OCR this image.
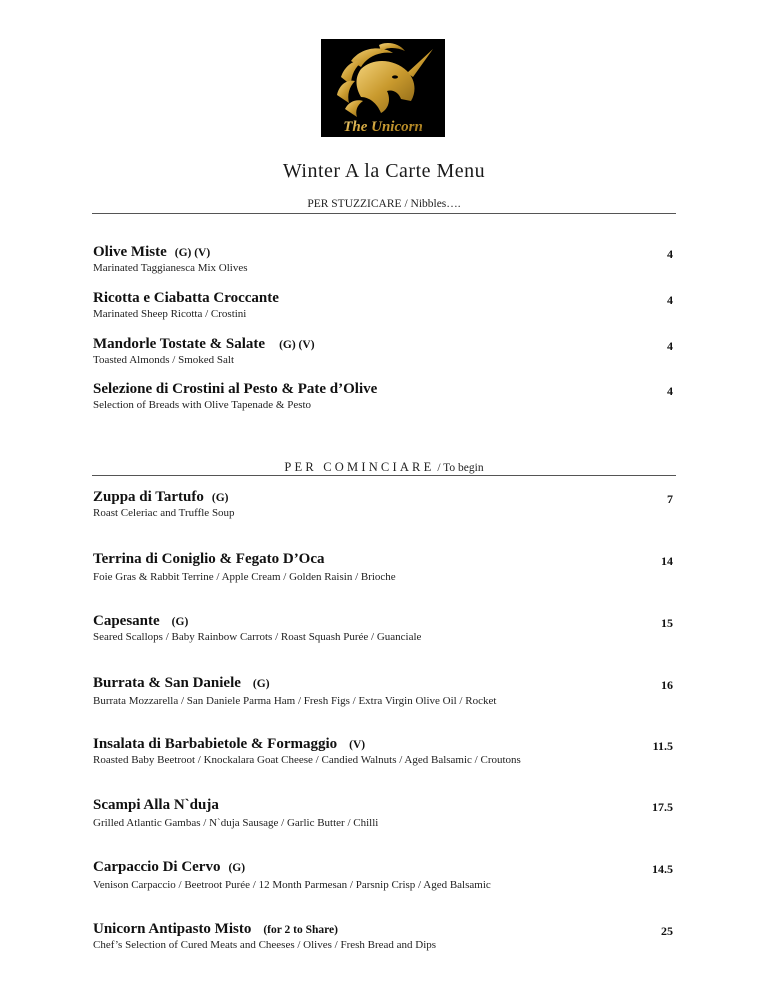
The Unicorn
Winter A la Carte Menu
PER STUZZICARE / Nibbles….
Olive Miste (G) (V)
Marinated Taggianesca Mix Olives
4
Ricotta e Ciabatta Croccante
Marinated Sheep Ricotta / Crostini
4
Mandorle Tostate & Salate (G) (V)
Toasted Almonds / Smoked Salt
4
Selezione di Crostini al Pesto & Pate d’Olive
Selection of Breads with Olive Tapenade & Pesto
4
PER COMINCIARE / To begin
Zuppa di Tartufo (G)
Roast Celeriac and Truffle Soup
7
Terrina di Coniglio & Fegato D’Oca
Foie Gras & Rabbit Terrine / Apple Cream / Golden Raisin / Brioche
14
Capesante (G)
Seared Scallops / Baby Rainbow Carrots / Roast Squash Purée / Guanciale
15
Burrata & San Daniele (G)
Burrata Mozzarella / San Daniele Parma Ham / Fresh Figs / Extra Virgin Olive Oil / Rocket
16
Insalata di Barbabietole & Formaggio (V)
Roasted Baby Beetroot / Knockalara Goat Cheese / Candied Walnuts / Aged Balsamic / Croutons
11.5
Scampi Alla N`duja
Grilled Atlantic Gambas / N`duja Sausage / Garlic Butter / Chilli
17.5
Carpaccio Di Cervo (G)
Venison Carpaccio / Beetroot Purée / 12 Month Parmesan / Parsnip Crisp / Aged Balsamic
14.5
Unicorn Antipasto Misto (for 2 to Share)
Chef’s Selection of Cured Meats and Cheeses / Olives / Fresh Bread and Dips
25
